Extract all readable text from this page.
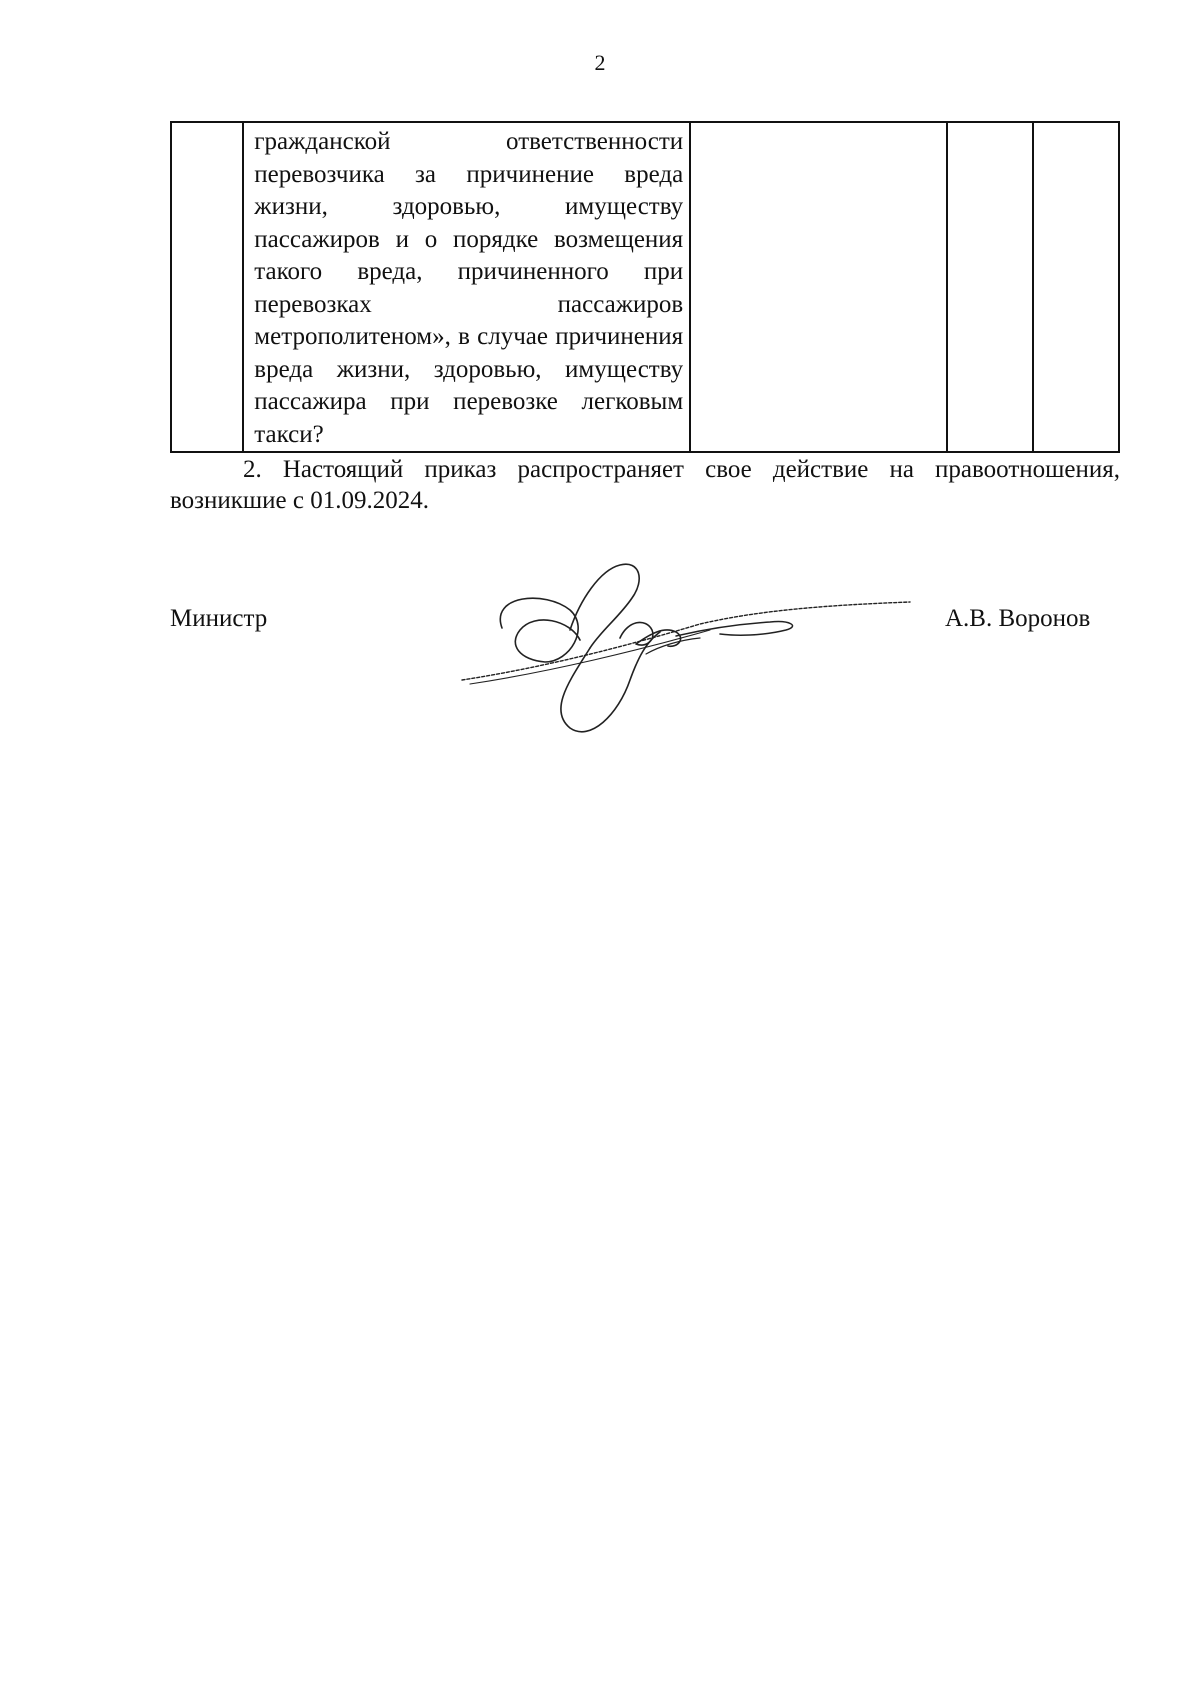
2

гражданской ответственности перевозчика за причинение вреда жизни, здоровью, имуществу пассажиров и о порядке возмещения такого вреда, причиненного при перевозках пассажиров метрополитеном», в случае причинения вреда жизни, здоровью, имуществу пассажира при перевозке легковым такси?

2. Настоящий приказ распространяет свое действие на правоотношения, возникшие с 01.09.2024.

Министр	А.В. Воронов
